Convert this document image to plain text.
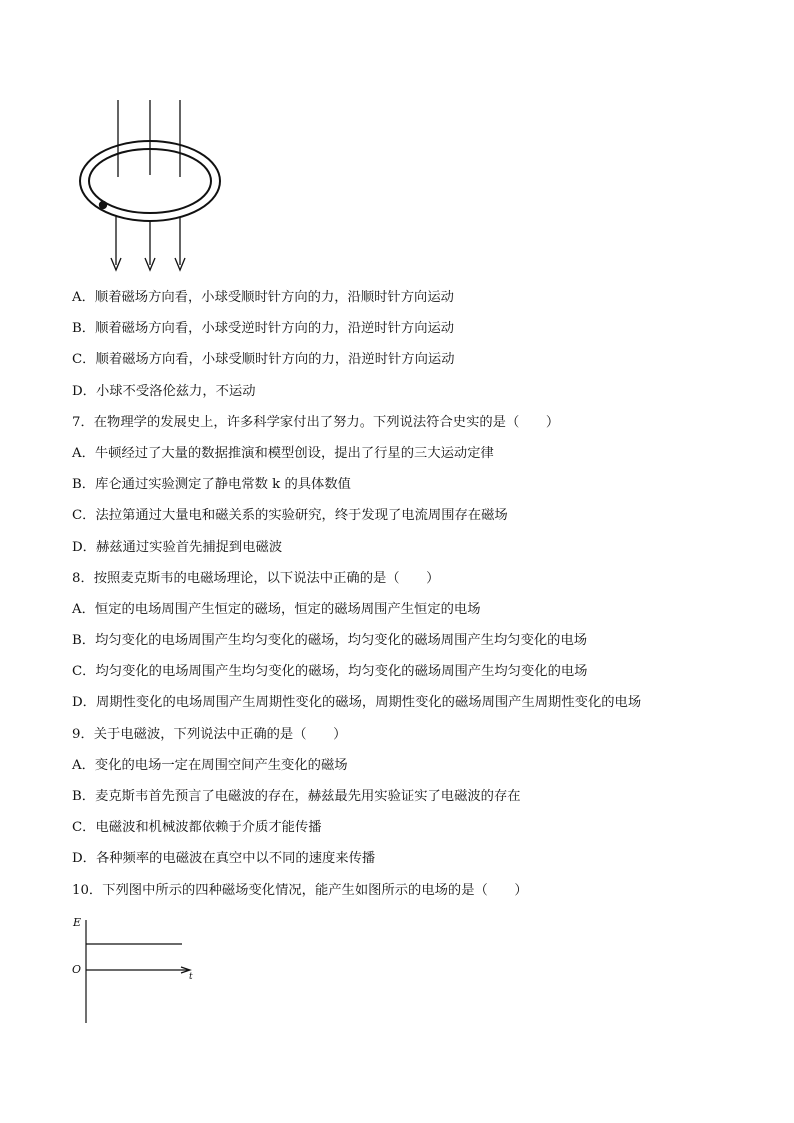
A．顺着磁场方向看，小球受顺时针方向的力，沿顺时针方向运动
B．顺着磁场方向看，小球受逆时针方向的力，沿逆时针方向运动
C．顺着磁场方向看，小球受顺时针方向的力，沿逆时针方向运动
D．小球不受洛伦兹力，不运动
7．在物理学的发展史上，许多科学家付出了努力。下列说法符合史实的是（　　）
A．牛顿经过了大量的数据推演和模型创设，提出了行星的三大运动定律
B．库仑通过实验测定了静电常数 k 的具体数值
C．法拉第通过大量电和磁关系的实验研究，终于发现了电流周围存在磁场
D．赫兹通过实验首先捕捉到电磁波
8．按照麦克斯韦的电磁场理论，以下说法中正确的是（　　）
A．恒定的电场周围产生恒定的磁场，恒定的磁场周围产生恒定的电场
B．均匀变化的电场周围产生均匀变化的磁场，均匀变化的磁场周围产生均匀变化的电场
C．均匀变化的电场周围产生均匀变化的磁场，均匀变化的磁场周围产生均匀变化的电场
D．周期性变化的电场周围产生周期性变化的磁场，周期性变化的磁场周围产生周期性变化的电场
9．关于电磁波，下列说法中正确的是（　　）
A．变化的电场一定在周围空间产生变化的磁场
B．麦克斯韦首先预言了电磁波的存在，赫兹最先用实验证实了电磁波的存在
C．电磁波和机械波都依赖于介质才能传播
D．各种频率的电磁波在真空中以不同的速度来传播
10．下列图中所示的四种磁场变化情况，能产生如图所示的电场的是（　　）
E
O
t
